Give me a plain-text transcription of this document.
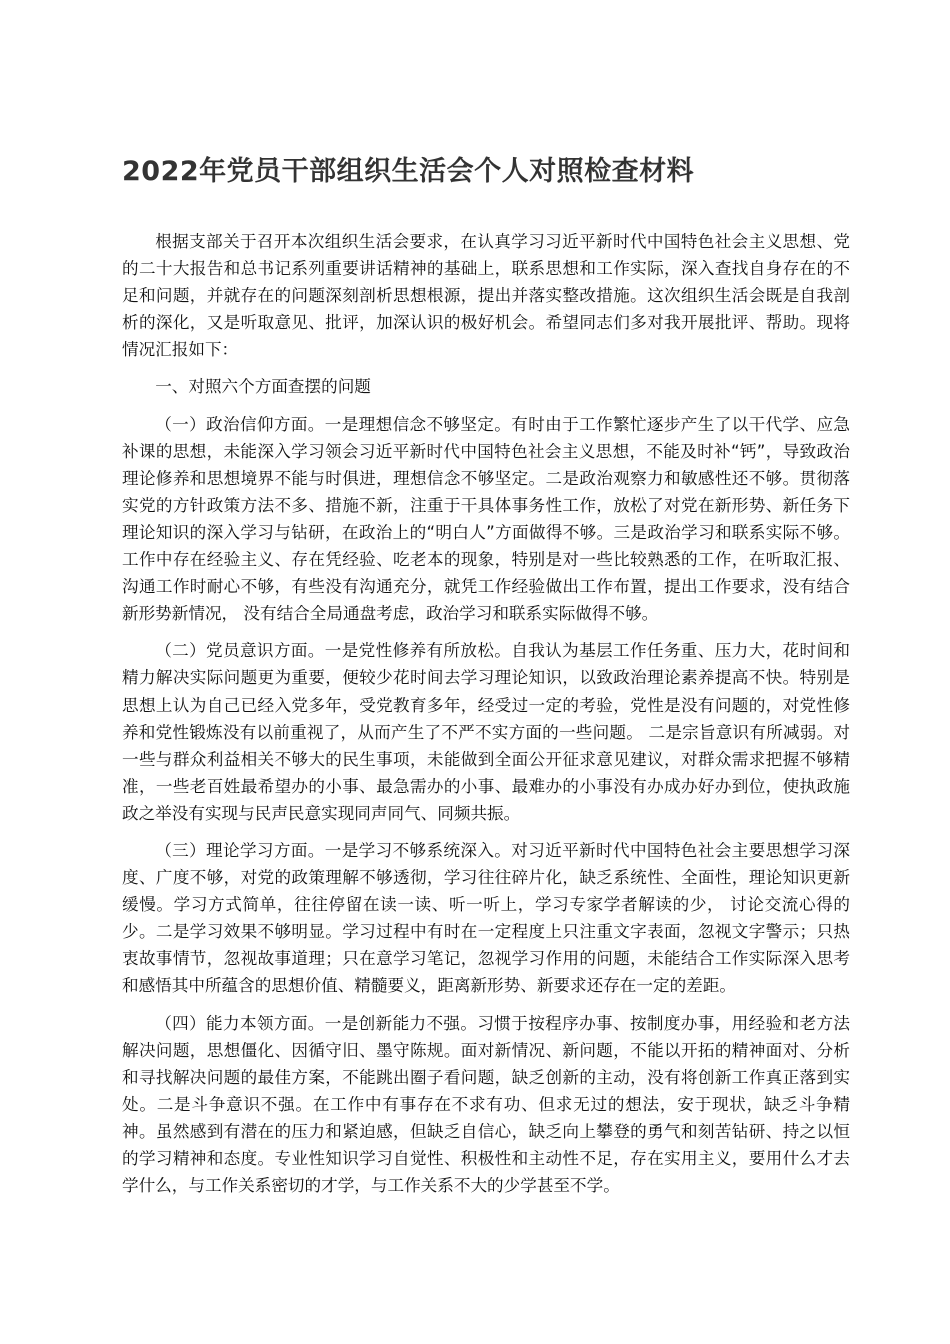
2022年党员干部组织生活会个人对照检查材料

根据支部关于召开本次组织生活会要求，在认真学习习近平新时代中国特色社会主义思想、党的二十大报告和总书记系列重要讲话精神的基础上，联系思想和工作实际，深入查找自身存在的不足和问题，并就存在的问题深刻剖析思想根源，提出并落实整改措施。这次组织生活会既是自我剖析的深化，又是听取意见、批评，加深认识的极好机会。希望同志们多对我开展批评、帮助。现将情况汇报如下：

一、对照六个方面查摆的问题

（一）政治信仰方面。一是理想信念不够坚定。有时由于工作繁忙逐步产生了以干代学、应急补课的思想，未能深入学习领会习近平新时代中国特色社会主义思想，不能及时补“钙”，导致政治理论修养和思想境界不能与时俱进，理想信念不够坚定。二是政治观察力和敏感性还不够。贯彻落实党的方针政策方法不多、措施不新，注重于干具体事务性工作，放松了对党在新形势、新任务下理论知识的深入学习与钻研，在政治上的“明白人”方面做得不够。三是政治学习和联系实际不够。工作中存在经验主义、存在凭经验、吃老本的现象，特别是对一些比较熟悉的工作，在听取汇报、沟通工作时耐心不够，有些没有沟通充分，就凭工作经验做出工作布置，提出工作要求，没有结合新形势新情况， 没有结合全局通盘考虑，政治学习和联系实际做得不够。

（二）党员意识方面。一是党性修养有所放松。自我认为基层工作任务重、压力大，花时间和精力解决实际问题更为重要，便较少花时间去学习理论知识，以致政治理论素养提高不快。特别是思想上认为自己已经入党多年，受党教育多年，经受过一定的考验，党性是没有问题的，对党性修养和党性锻炼没有以前重视了，从而产生了不严不实方面的一些问题。 二是宗旨意识有所减弱。对一些与群众利益相关不够大的民生事项，未能做到全面公开征求意见建议，对群众需求把握不够精准，一些老百姓最希望办的小事、最急需办的小事、最难办的小事没有办成办好办到位，使执政施政之举没有实现与民声民意实现同声同气、同频共振。

（三）理论学习方面。一是学习不够系统深入。对习近平新时代中国特色社会主要思想学习深度、广度不够，对党的政策理解不够透彻，学习往往碎片化，缺乏系统性、全面性，理论知识更新缓慢。学习方式简单，往往停留在读一读、听一听上，学习专家学者解读的少， 讨论交流心得的少。二是学习效果不够明显。学习过程中有时在一定程度上只注重文字表面，忽视文字警示；只热衷故事情节，忽视故事道理；只在意学习笔记，忽视学习作用的问题，未能结合工作实际深入思考和感悟其中所蕴含的思想价值、精髓要义，距离新形势、新要求还存在一定的差距。

（四）能力本领方面。一是创新能力不强。习惯于按程序办事、按制度办事，用经验和老方法解决问题，思想僵化、因循守旧、墨守陈规。面对新情况、新问题，不能以开拓的精神面对、分析和寻找解决问题的最佳方案，不能跳出圈子看问题，缺乏创新的主动，没有将创新工作真正落到实处。二是斗争意识不强。在工作中有事存在不求有功、但求无过的想法，安于现状，缺乏斗争精神。虽然感到有潜在的压力和紧迫感，但缺乏自信心，缺乏向上攀登的勇气和刻苦钻研、持之以恒的学习精神和态度。专业性知识学习自觉性、积极性和主动性不足，存在实用主义，要用什么才去学什么，与工作关系密切的才学，与工作关系不大的少学甚至不学。
